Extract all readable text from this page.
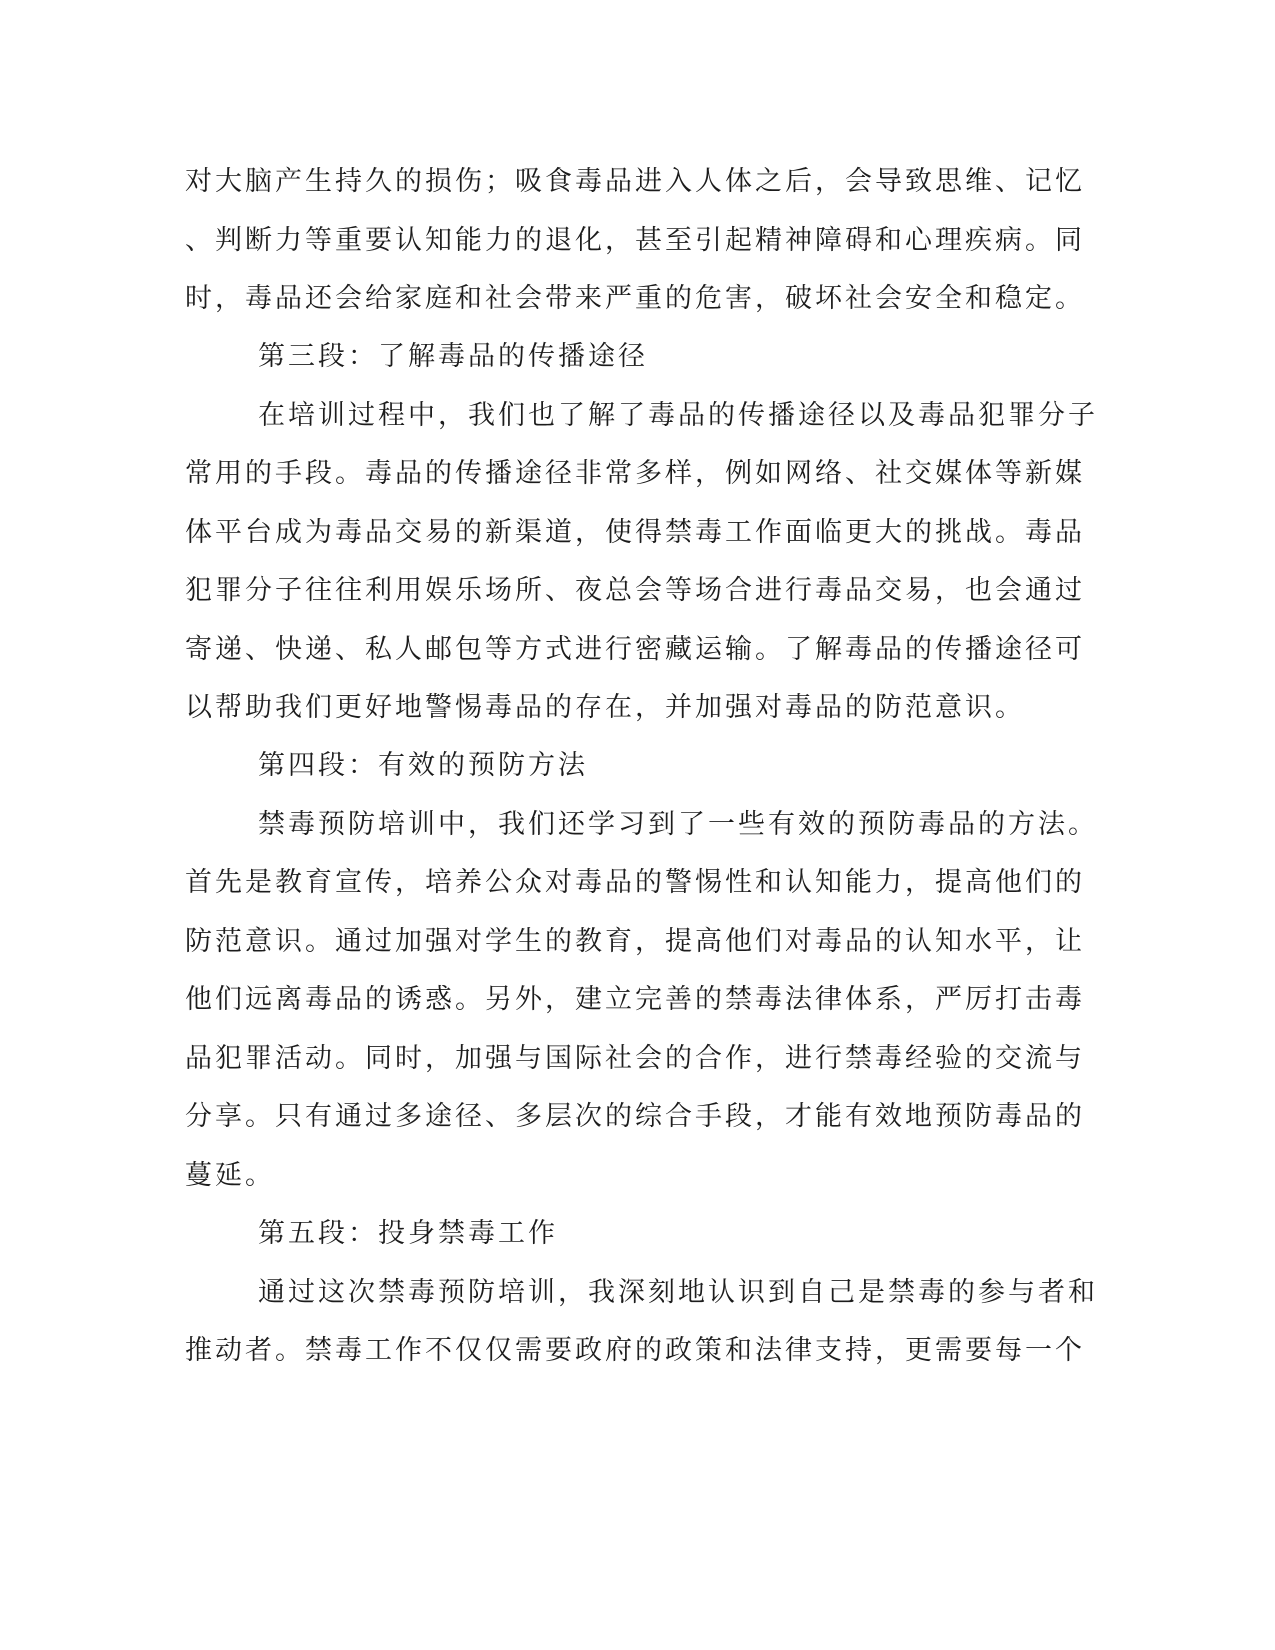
对大脑产生持久的损伤；吸食毒品进入人体之后，会导致思维、记忆
、判断力等重要认知能力的退化，甚至引起精神障碍和心理疾病。同
时，毒品还会给家庭和社会带来严重的危害，破坏社会安全和稳定。
第三段：了解毒品的传播途径
在培训过程中，我们也了解了毒品的传播途径以及毒品犯罪分子
常用的手段。毒品的传播途径非常多样，例如网络、社交媒体等新媒
体平台成为毒品交易的新渠道，使得禁毒工作面临更大的挑战。毒品
犯罪分子往往利用娱乐场所、夜总会等场合进行毒品交易，也会通过
寄递、快递、私人邮包等方式进行密藏运输。了解毒品的传播途径可
以帮助我们更好地警惕毒品的存在，并加强对毒品的防范意识。
第四段：有效的预防方法
禁毒预防培训中，我们还学习到了一些有效的预防毒品的方法。
首先是教育宣传，培养公众对毒品的警惕性和认知能力，提高他们的
防范意识。通过加强对学生的教育，提高他们对毒品的认知水平，让
他们远离毒品的诱惑。另外，建立完善的禁毒法律体系，严厉打击毒
品犯罪活动。同时，加强与国际社会的合作，进行禁毒经验的交流与
分享。只有通过多途径、多层次的综合手段，才能有效地预防毒品的
蔓延。
第五段：投身禁毒工作
通过这次禁毒预防培训，我深刻地认识到自己是禁毒的参与者和
推动者。禁毒工作不仅仅需要政府的政策和法律支持，更需要每一个
